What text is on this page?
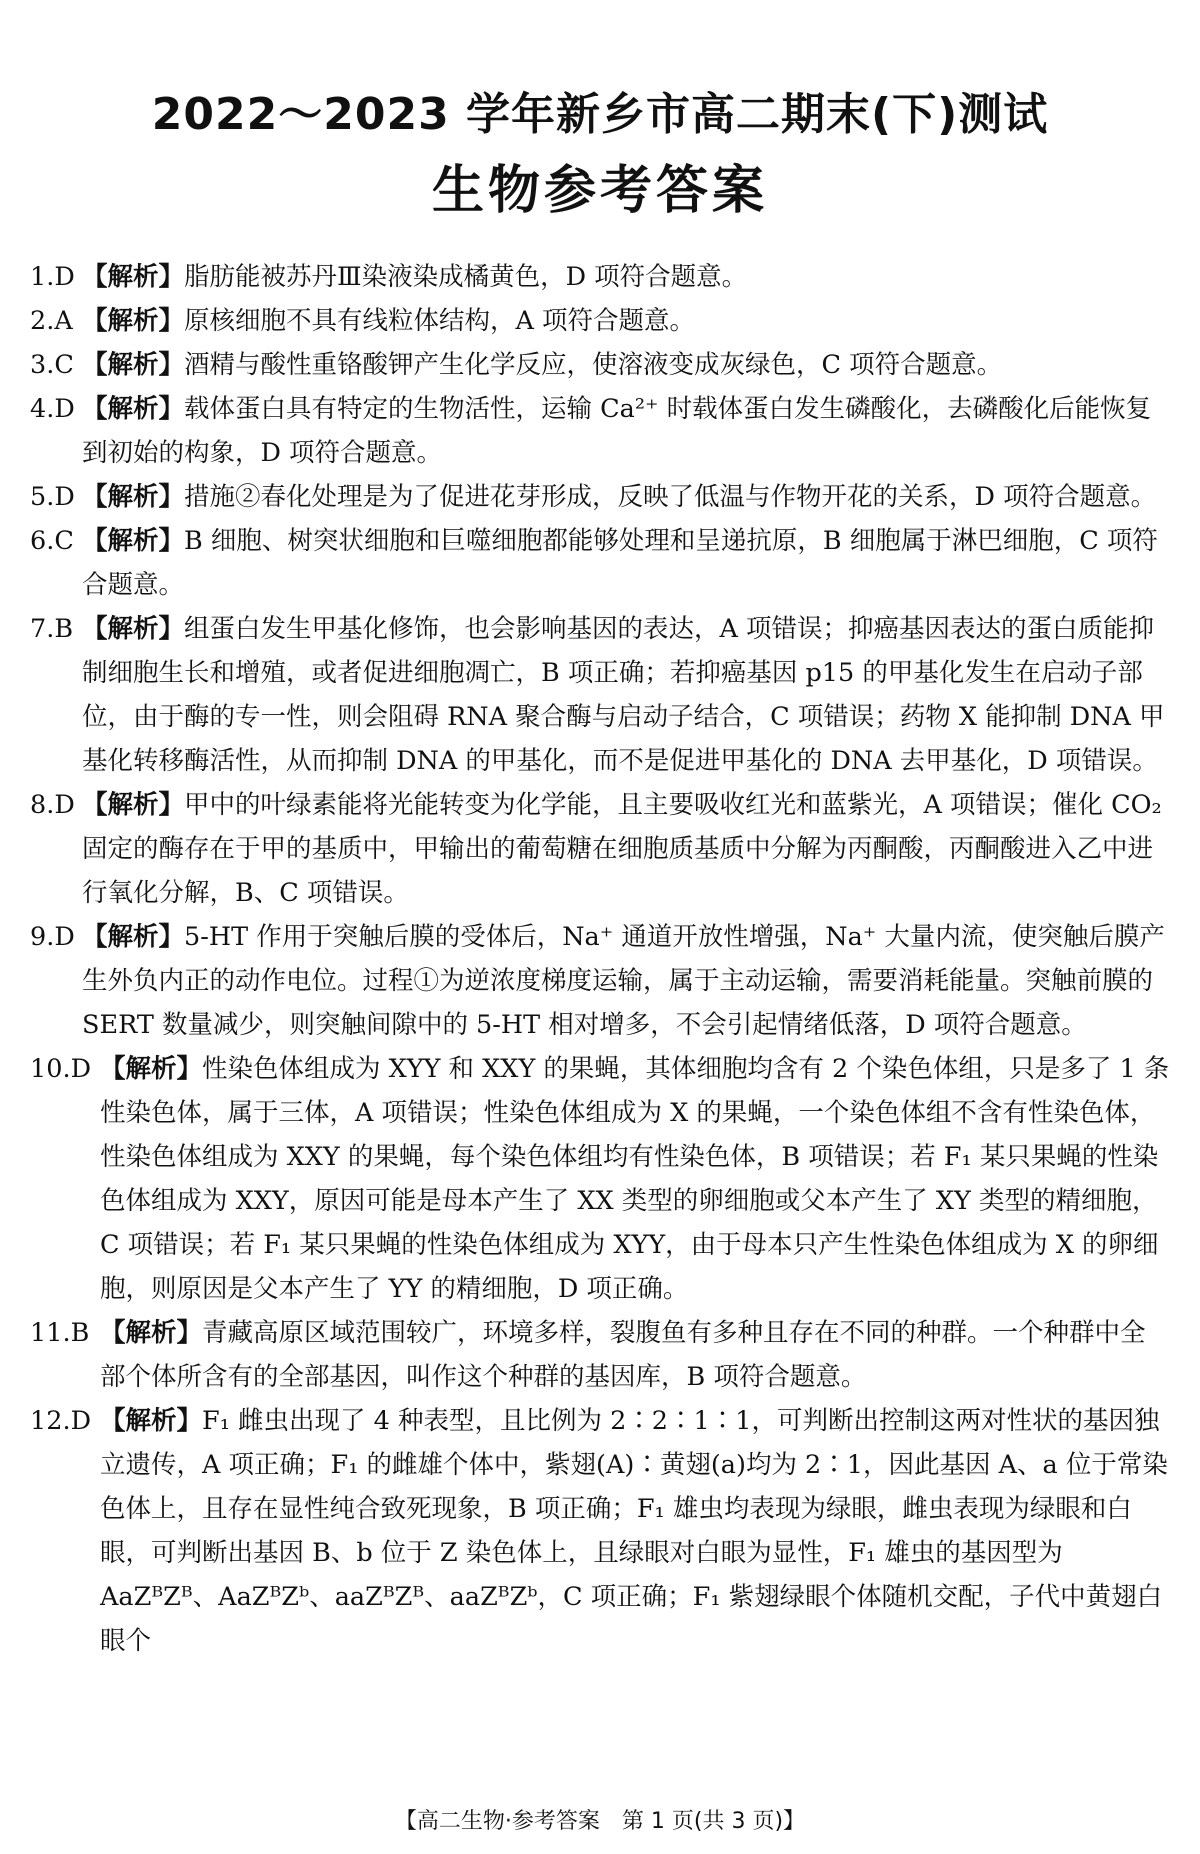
2022～2023 学年新乡市高二期末(下)测试
生物参考答案
1.D 【解析】脂肪能被苏丹Ⅲ染液染成橘黄色，D 项符合题意。
2.A 【解析】原核细胞不具有线粒体结构，A 项符合题意。
3.C 【解析】酒精与酸性重铬酸钾产生化学反应，使溶液变成灰绿色，C 项符合题意。
4.D 【解析】载体蛋白具有特定的生物活性，运输 Ca²⁺ 时载体蛋白发生磷酸化，去磷酸化后能恢复到初始的构象，D 项符合题意。
5.D 【解析】措施②春化处理是为了促进花芽形成，反映了低温与作物开花的关系，D 项符合题意。
6.C 【解析】B 细胞、树突状细胞和巨噬细胞都能够处理和呈递抗原，B 细胞属于淋巴细胞，C 项符合题意。
7.B 【解析】组蛋白发生甲基化修饰，也会影响基因的表达，A 项错误；抑癌基因表达的蛋白质能抑制细胞生长和增殖，或者促进细胞凋亡，B 项正确；若抑癌基因 p15 的甲基化发生在启动子部位，由于酶的专一性，则会阻碍 RNA 聚合酶与启动子结合，C 项错误；药物 X 能抑制 DNA 甲基化转移酶活性，从而抑制 DNA 的甲基化，而不是促进甲基化的 DNA 去甲基化，D 项错误。
8.D 【解析】甲中的叶绿素能将光能转变为化学能，且主要吸收红光和蓝紫光，A 项错误；催化 CO₂ 固定的酶存在于甲的基质中，甲输出的葡萄糖在细胞质基质中分解为丙酮酸，丙酮酸进入乙中进行氧化分解，B、C 项错误。
9.D 【解析】5-HT 作用于突触后膜的受体后，Na⁺ 通道开放性增强，Na⁺ 大量内流，使突触后膜产生外负内正的动作电位。过程①为逆浓度梯度运输，属于主动运输，需要消耗能量。突触前膜的 SERT 数量减少，则突触间隙中的 5-HT 相对增多，不会引起情绪低落，D 项符合题意。
10.D 【解析】性染色体组成为 XYY 和 XXY 的果蝇，其体细胞均含有 2 个染色体组，只是多了 1 条性染色体，属于三体，A 项错误；性染色体组成为 X 的果蝇，一个染色体组不含有性染色体，性染色体组成为 XXY 的果蝇，每个染色体组均有性染色体，B 项错误；若 F₁ 某只果蝇的性染色体组成为 XXY，原因可能是母本产生了 XX 类型的卵细胞或父本产生了 XY 类型的精细胞，C 项错误；若 F₁ 某只果蝇的性染色体组成为 XYY，由于母本只产生性染色体组成为 X 的卵细胞，则原因是父本产生了 YY 的精细胞，D 项正确。
11.B 【解析】青藏高原区域范围较广，环境多样，裂腹鱼有多种且存在不同的种群。一个种群中全部个体所含有的全部基因，叫作这个种群的基因库，B 项符合题意。
12.D 【解析】F₁ 雌虫出现了 4 种表型，且比例为 2∶2∶1∶1，可判断出控制这两对性状的基因独立遗传，A 项正确；F₁ 的雌雄个体中，紫翅(A)∶黄翅(a)均为 2∶1，因此基因 A、a 位于常染色体上，且存在显性纯合致死现象，B 项正确；F₁ 雄虫均表现为绿眼，雌虫表现为绿眼和白眼，可判断出基因 B、b 位于 Z 染色体上，且绿眼对白眼为显性，F₁ 雄虫的基因型为 AaZᴮZᴮ、AaZᴮZᵇ、aaZᴮZᴮ、aaZᴮZᵇ，C 项正确；F₁ 紫翅绿眼个体随机交配，子代中黄翅白眼个
【高二生物·参考答案　第 1 页(共 3 页)】
